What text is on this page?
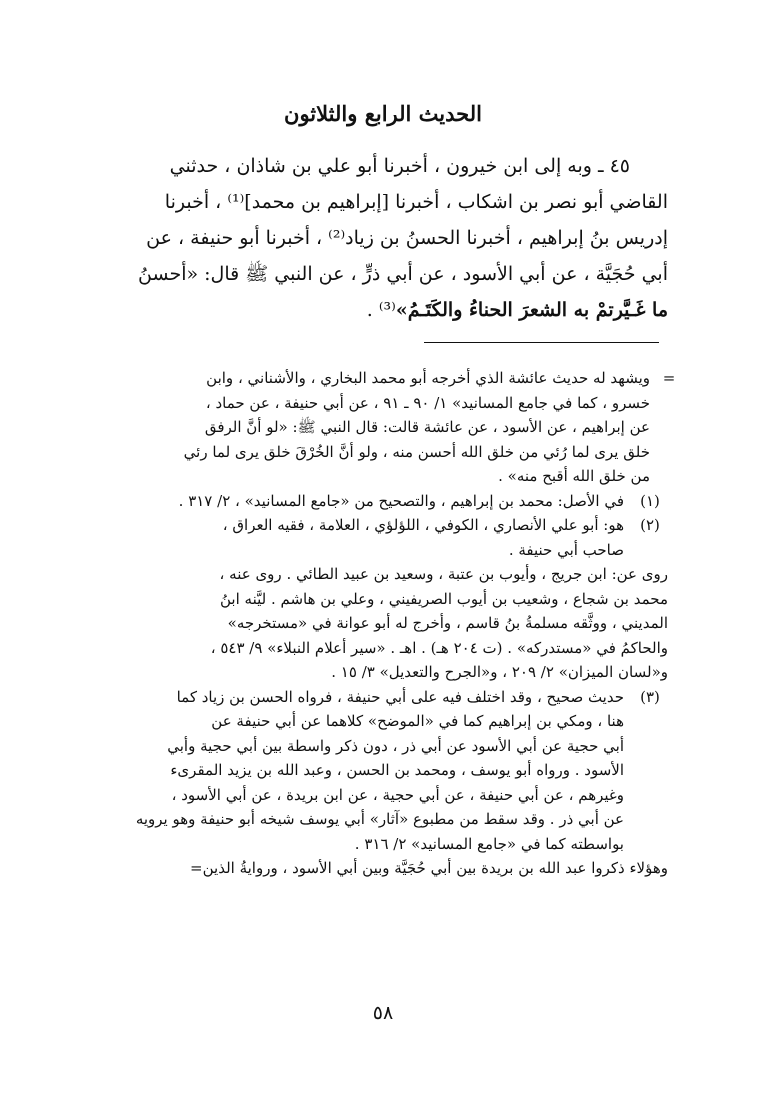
الحديث الرابع والثلاثون
٤٥ ـ وبه إلى ابن خيرون ، أخبرنا أبو علي بن شاذان ، حدثني
القاضي أبو نصر بن اشكاب ، أخبرنا [إبراهيم بن محمد]⁽¹⁾ ، أخبرنا
إدريس بنُ إبراهيم ، أخبرنا الحسنُ بن زياد⁽²⁾ ، أخبرنا أبو حنيفة ، عن
أبي حُجَيَّة ، عن أبي الأسود ، عن أبي ذرٍّ ، عن النبي ﷺ قال: «أحسنُ
ما غَـيَّرتمْ به الشعرَ الحناءُ والكَتَـمُ»⁽³⁾ .
=
ويشهد له حديث عائشة الذي أخرجه أبو محمد البخاري ، والأشناني ، وابن
خسرو ، كما في جامع المسانيد» ١/ ٩٠ ـ ٩١ ، عن أبي حنيفة ، عن حماد ،
عن إبراهيم ، عن الأسود ، عن عائشة قالت: قال النبي ﷺ: «لو أنَّ الرفق
خلق يرى لما رُئي من خلق الله أحسن منه ، ولو أنَّ الخُرْقَ خلق يرى لما رئي
من خلق الله أقبح منه» .
(١)
في الأصل: محمد بن إبراهيم ، والتصحيح من «جامع المسانيد» ، ٢/ ٣١٧ .
(٢)
هو: أبو علي الأنصاري ، الكوفي ، اللؤلؤي ، العلامة ، فقيه العراق ،
صاحب أبي حنيفة .
روى عن: ابن جريج ، وأيوب بن عتبة ، وسعيد بن عبيد الطائي . روى عنه ،
محمد بن شجاع ، وشعيب بن أيوب الصريفيني ، وعلي بن هاشم . ليَّنه ابنُ
المديني ، ووثَّقه مسلمةُ بنُ قاسم ، وأخرج له أبو عوانة في «مستخرجه»
والحاكمُ في «مستدركه» . (ت ٢٠٤ هـ) . اهـ . «سير أعلام النبلاء» ٩/ ٥٤٣ ،
و«لسان الميزان» ٢/ ٢٠٩ ، و«الجرح والتعديل» ٣/ ١٥ .
(٣)
حديث صحيح ، وقد اختلف فيه على أبي حنيفة ، فرواه الحسن بن زياد كما
هنا ، ومكي بن إبراهيم كما في «الموضح» كلاهما عن أبي حنيفة عن
أبي حجية عن أبي الأسود عن أبي ذر ، دون ذكر واسطة بين أبي حجية وأبي
الأسود . ورواه أبو يوسف ، ومحمد بن الحسن ، وعبد الله بن يزيد المقرىء
وغيرهم ، عن أبي حنيفة ، عن أبي حجية ، عن ابن بريدة ، عن أبي الأسود ،
عن أبي ذر . وقد سقط من مطبوع «آثار» أبي يوسف شيخه أبو حنيفة وهو يرويه
بواسطته كما في «جامع المسانيد» ٢/ ٣١٦ .
وهؤلاء ذكروا عبد الله بن بريدة بين أبي حُجَيَّة وبين أبي الأسود ، وروايةُ الذين=
٥٨
